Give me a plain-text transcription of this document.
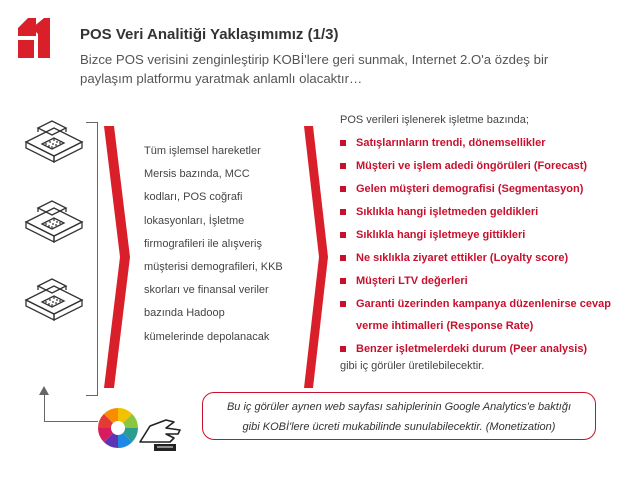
POS Veri Analitiği Yaklaşımımız (1/3)
Bizce POS verisini zenginleştirip KOBİ'lere geri sunmak, Internet 2.O'a özdeş bir paylaşım platformu yaratmak anlamlı olacaktır…
Tüm işlemsel hareketler
Mersis bazında, MCC
kodları, POS coğrafi
lokasyonları, İşletme
firmografileri ile alışveriş
müşterisi demografileri, KKB
skorları ve finansal veriler
bazında Hadoop
kümelerinde depolanacak
POS verileri işlenerek işletme bazında;
Satışlarınların trendi, dönemsellikler
Müşteri ve işlem adedi öngörüleri (Forecast)
Gelen müşteri demografisi (Segmentasyon)
Sıklıkla hangi işletmeden geldikleri
Sıklıkla hangi işletmeye gittikleri
Ne sıklıkla ziyaret ettikler (Loyalty score)
Müşteri LTV değerleri
Garanti üzerinden kampanya düzenlenirse cevap verme ihtimalleri (Response Rate)
Benzer işletmelerdeki durum (Peer analysis)
gibi iç görüler üretilebilecektir.
Bu iç görüler aynen web sayfası sahiplerinin Google Analytics'e baktığı
gibi KOBİ'lere ücreti mukabilinde sunulabilecektir. (Monetization)
